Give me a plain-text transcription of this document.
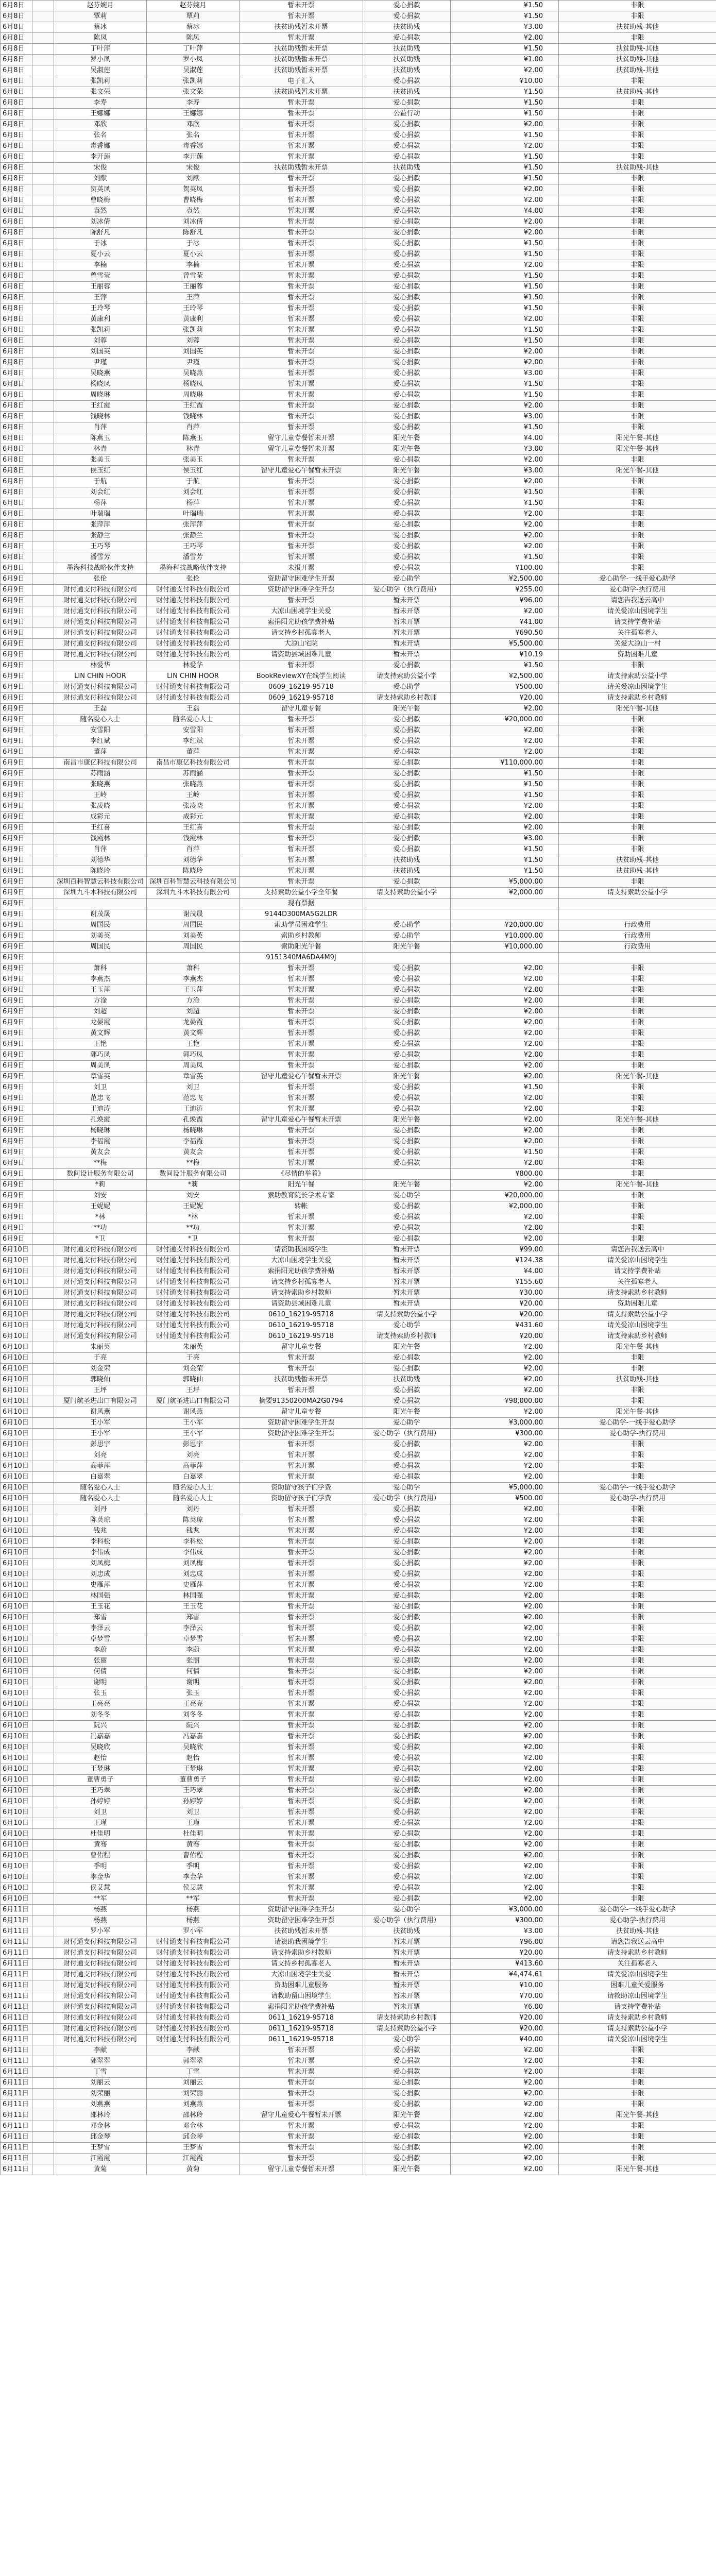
6月8日		赵芬婉月	赵芬婉月	暂未开票	爱心捐款	¥1.50	非限
6月8日		覃莉	覃莉	暂未开票	爱心捐款	¥1.50	非限
6月8日		蔡冰	蔡冰	扶贫助残暂未开票	扶贫助残	¥3.00	扶贫助残-其他
6月8日		陈凤	陈凤	暂未开票	爱心捐款	¥2.00	非限
6月8日		丁叶萍	丁叶萍	扶贫助残暂未开票	扶贫助残	¥1.50	扶贫助残-其他
6月8日		罗小凤	罗小凤	扶贫助残暂未开票	扶贫助残	¥1.00	扶贫助残-其他
6月8日		吴淑莲	吴淑莲	扶贫助残暂未开票	扶贫助残	¥2.00	扶贫助残-其他
6月8日		张凯莉	张凯莉	电子汇入	爱心捐款	¥10.00	非限
6月8日		张文荣	张文荣	扶贫助残暂未开票	扶贫助残	¥1.50	扶贫助残-其他
6月8日		李寿	李寿	暂未开票	爱心捐款	¥1.50	非限
6月8日		王娜娜	王娜娜	暂未开票	公益行动	¥1.50	非限
6月8日		邓欣	邓欣	暂未开票	爱心捐款	¥2.00	非限
6月8日		张名	张名	暂未开票	爱心捐款	¥1.50	非限
6月8日		毒香娜	毒香娜	暂未开票	爱心捐款	¥2.00	非限
6月8日		李开莲	李开莲	暂未开票	爱心捐款	¥1.50	非限
6月8日		宋俊	宋俊	扶贫助残暂未开票	扶贫助残	¥1.50	扶贫助残-其他
6月8日		刘献	刘献	暂未开票	爱心捐款	¥1.50	非限
6月8日		贺英凤	贺英凤	暂未开票	爱心捐款	¥2.00	非限
6月8日		曹晓梅	曹晓梅	暂未开票	爱心捐款	¥2.00	非限
6月8日		袁然	袁然	暂未开票	爱心捐款	¥4.00	非限
6月8日		刘冰倩	刘冰倩	暂未开票	爱心捐款	¥2.00	非限
6月8日		陈舒凡	陈舒凡	暂未开票	爱心捐款	¥2.00	非限
6月8日		于冰	于冰	暂未开票	爱心捐款	¥1.50	非限
6月8日		夏小云	夏小云	暂未开票	爱心捐款	¥1.50	非限
6月8日		李楠	李楠	暂未开票	爱心捐款	¥2.00	非限
6月8日		曾雪莹	曾雪莹	暂未开票	爱心捐款	¥1.50	非限
6月8日		王丽蓉	王丽蓉	暂未开票	爱心捐款	¥1.50	非限
6月8日		王萍	王萍	暂未开票	爱心捐款	¥1.50	非限
6月8日		王玲琴	王玲琴	暂未开票	爱心捐款	¥1.50	非限
6月8日		黄康利	黄康利	暂未开票	爱心捐款	¥2.00	非限
6月8日		张凯莉	张凯莉	暂未开票	爱心捐款	¥1.50	非限
6月8日		刘蓉	刘蓉	暂未开票	爱心捐款	¥1.50	非限
6月8日		刘国英	刘国英	暂未开票	爱心捐款	¥2.00	非限
6月8日		尹瑾	尹瑾	暂未开票	爱心捐款	¥2.00	非限
6月8日		吴晓燕	吴晓燕	暂未开票	爱心捐款	¥3.00	非限
6月8日		杨晓凤	杨晓凤	暂未开票	爱心捐款	¥1.50	非限
6月8日		周晓琳	周晓琳	暂未开票	爱心捐款	¥1.50	非限
6月8日		王红霞	王红霞	暂未开票	爱心捐款	¥2.00	非限
6月8日		钱晓林	钱晓林	暂未开票	爱心捐款	¥3.00	非限
6月8日		肖萍	肖萍	暂未开票	爱心捐款	¥1.50	非限
6月8日		陈燕玉	陈燕玉	留守儿童专餐暂未开票	阳光午餐	¥4.00	阳光午餐-其他
6月8日		林青	林青	留守儿童专餐暂未开票	阳光午餐	¥3.00	阳光午餐-其他
6月8日		张美玉	张美玉	暂未开票	爱心捐款	¥2.00	非限
6月8日		侯玉红	侯玉红	留守儿童爱心午餐暂未开票	阳光午餐	¥3.00	阳光午餐-其他
6月8日		于航	于航	暂未开票	爱心捐款	¥2.00	非限
6月8日		刘会红	刘会红	暂未开票	爱心捐款	¥1.50	非限
6月8日		杨萍	杨萍	暂未开票	爱心捐款	¥1.50	非限
6月8日		叶瑞瑞	叶瑞瑞	暂未开票	爱心捐款	¥2.00	非限
6月8日		张萍萍	张萍萍	暂未开票	爱心捐款	¥2.00	非限
6月8日		张静兰	张静兰	暂未开票	爱心捐款	¥2.00	非限
6月8日		王巧琴	王巧琴	暂未开票	爱心捐款	¥2.00	非限
6月8日		潘雪芳	潘雪芳	暂未开票	爱心捐款	¥1.50	非限
6月8日		墨海科技战略伙伴支持	墨海科技战略伙伴支持	未报开票	爱心捐款	¥100.00	非限
6月9日		张伦	张伦	资助留守困难学生开票	爱心助学	¥2,500.00	爱心助学-一线手爱心助学
6月9日		财付通支付科技有限公司	财付通支付科技有限公司	资助留守困难学生开票	爱心助学（执行费用）	¥255.00	爱心助学-执行费用
6月9日		财付通支付科技有限公司	财付通支付科技有限公司	暂未开票	暂未开票	¥96.00	请您告我送云高中
6月9日		财付通支付科技有限公司	财付通支付科技有限公司	大凉山困境学生关爱	暂未开票	¥2.00	请关爱凉山困境学生
6月9日		财付通支付科技有限公司	财付通支付科技有限公司	索捐阳光助孩学费补贴	暂未开票	¥41.00	请支持学费补贴
6月9日		财付通支付科技有限公司	财付通支付科技有限公司	请支持乡村孤寡老人	暂未开票	¥690.50	关注孤寡老人
6月9日		财付通支付科技有限公司	财付通支付科技有限公司	大凉山宅院	暂未开票	¥5,500.00	关爱大凉山一村
6月9日		财付通支付科技有限公司	财付通支付科技有限公司	请资助县域困难儿童	暂未开票	¥10.19	资助困难儿童
6月9日		林爱华	林爱华	暂未开票	爱心捐款	¥1.50	非限
6月9日		LIN CHIN HOOR	LIN CHIN HOOR	BookReviewXY在线学生阅读	请支持索助公益小学	¥2,500.00	请支持索助公益小学
6月9日		财付通支付科技有限公司	财付通支付科技有限公司	0609_16219-95718	爱心助学	¥500.00	请关爱凉山困境学生
6月9日		财付通支付科技有限公司	财付通支付科技有限公司	0609_16219-95718	请支持索助乡村教师	¥20.00	请支持索助乡村教师
6月9日		王磊	王磊	留守儿童专餐	阳光午餐	¥2.00	阳光午餐-其他
6月9日		随名爱心人士	随名爱心人士	暂未开票	爱心捐款	¥20,000.00	非限
6月9日		安雪阳	安雪阳	暂未开票	爱心捐款	¥2.00	非限
6月9日		李红斌	李红斌	暂未开票	爱心捐款	¥2.00	非限
6月9日		董萍	董萍	暂未开票	爱心捐款	¥2.00	非限
6月9日		南昌市康亿科技有限公司	南昌市康亿科技有限公司	暂未开票	爱心捐款	¥110,000.00	非限
6月9日		苏雨涵	苏雨涵	暂未开票	爱心捐款	¥1.50	非限
6月9日		张晓燕	张晓燕	暂未开票	爱心捐款	¥1.50	非限
6月9日		王岭	王岭	暂未开票	爱心捐款	¥1.50	非限
6月9日		张凌晓	张凌晓	暂未开票	爱心捐款	¥2.00	非限
6月9日		成彩元	成彩元	暂未开票	爱心捐款	¥2.00	非限
6月9日		王红喜	王红喜	暂未开票	爱心捐款	¥2.00	非限
6月9日		钱霞林	钱霞林	暂未开票	爱心捐款	¥3.00	非限
6月9日		肖萍	肖萍	暂未开票	爱心捐款	¥1.50	非限
6月9日		刘德华	刘德华	暂未开票	扶贫助残	¥1.50	扶贫助残-其他
6月9日		陈晓玲	陈晓玲	暂未开票	扶贫助残	¥1.50	扶贫助残-其他
6月9日		深圳百科智慧云科技有限公司	深圳百科智慧云科技有限公司	暂未开票	爱心捐款	¥5,000.00	非限
6月9日		深圳九斗木科技有限公司	深圳九斗木科技有限公司	支持索助公益小学全年餐	请支持索助公益小学	¥2,000.00	请支持索助公益小学
6月9日				现有票据			
6月9日		谢茂晟	谢茂晟	9144D300MA5G2LDR			
6月9日		周国民	周国民	索助学员困难学生	爱心助学	¥20,000.00	行政费用
6月9日		刘美英	刘美英	索助乡村教师	爱心助学	¥10,000.00	行政费用
6月9日		周国民	周国民	索助阳光午餐	阳光午餐	¥10,000.00	行政费用
6月9日				9151340MA6DA4M9J			
6月9日		萧科	萧科	暂未开票	爱心捐款	¥2.00	非限
6月9日		李燕杰	李燕杰	暂未开票	爱心捐款	¥2.00	非限
6月9日		王玉萍	王玉萍	暂未开票	爱心捐款	¥2.00	非限
6月9日		方淦	方淦	暂未开票	爱心捐款	¥2.00	非限
6月9日		刘超	刘超	暂未开票	爱心捐款	¥2.00	非限
6月9日		龙晏霞	龙晏霞	暂未开票	爱心捐款	¥2.00	非限
6月9日		黄文辉	黄文辉	暂未开票	爱心捐款	¥2.00	非限
6月9日		王艳	王艳	暂未开票	爱心捐款	¥2.00	非限
6月9日		郭巧凤	郭巧凤	暂未开票	爱心捐款	¥2.00	非限
6月9日		周美凤	周美凤	暂未开票	爱心捐款	¥2.00	非限
6月9日		章雪英	章雪英	留守儿童爱心午餐暂未开票	阳光午餐	¥2.00	阳光午餐-其他
6月9日		刘卫	刘卫	暂未开票	爱心捐款	¥1.50	非限
6月9日		范忠飞	范忠飞	暂未开票	爱心捐款	¥2.00	非限
6月9日		王迪涛	王迪涛	暂未开票	爱心捐款	¥2.00	非限
6月9日		孔焕霞	孔焕霞	留守儿童爱心午餐暂未开票	阳光午餐	¥2.00	阳光午餐-其他
6月9日		杨晓琳	杨晓琳	暂未开票	爱心捐款	¥2.00	非限
6月9日		李福霞	李福霞	暂未开票	爱心捐款	¥2.00	非限
6月9日		黄友会	黄友会	暂未开票	爱心捐款	¥1.50	非限
6月9日		**梅	**梅	暂未开票	爱心捐款	¥2.00	非限
6月9日		数间设计服务有限公司	数间设计服务有限公司	《尽情的举着》		¥800.00	非限
6月9日		*莉	*莉	阳光午餐	阳光午餐	¥2.00	阳光午餐-其他
6月9日		刘安	刘安	索助教育院长学术专家	爱心助学	¥20,000.00	非限
6月9日		王妮妮	王妮妮	转帐	爱心捐款	¥2,000.00	非限
6月9日		*林	*林	暂未开票	爱心捐款	¥2.00	非限
6月9日		**功	**功	暂未开票	爱心捐款	¥2.00	非限
6月9日		*卫	*卫	暂未开票	爱心捐款	¥2.00	非限
6月10日		财付通支付科技有限公司	财付通支付科技有限公司	请资助我困境学生	暂未开票	¥99.00	请您告我送云高中
6月10日		财付通支付科技有限公司	财付通支付科技有限公司	大凉山困境学生关爱	暂未开票	¥124.38	请关爱凉山困境学生
6月10日		财付通支付科技有限公司	财付通支付科技有限公司	索捐阳光助孩学费补贴	暂未开票	¥4.00	请支持学费补贴
6月10日		财付通支付科技有限公司	财付通支付科技有限公司	请支持乡村孤寡老人	暂未开票	¥155.60	关注孤寡老人
6月10日		财付通支付科技有限公司	财付通支付科技有限公司	请支持索助乡村教师	暂未开票	¥30.00	请支持索助乡村教师
6月10日		财付通支付科技有限公司	财付通支付科技有限公司	请资助县域困难儿童	暂未开票	¥20.00	资助困难儿童
6月10日		财付通支付科技有限公司	财付通支付科技有限公司	0610_16219-95718	请支持索助公益小学	¥20.00	请支持索助公益小学
6月10日		财付通支付科技有限公司	财付通支付科技有限公司	0610_16219-95718	爱心助学	¥431.60	请关爱凉山困境学生
6月10日		财付通支付科技有限公司	财付通支付科技有限公司	0610_16219-95718	请支持索助乡村教师	¥20.00	请支持索助乡村教师
6月10日		朱丽英	朱丽英	留守儿童专餐	阳光午餐	¥2.00	阳光午餐-其他
6月10日		于亮	于亮	暂未开票	爱心捐款	¥2.00	非限
6月10日		刘金荣	刘金荣	暂未开票	爱心捐款	¥2.00	非限
6月10日		郭晓仙	郭晓仙	扶贫助残暂未开票	扶贫助残	¥2.00	扶贫助残-其他
6月10日		王坪	王坪	暂未开票	爱心捐款	¥2.00	非限
6月10日		厦门航圣进出口有限公司	厦门航圣进出口有限公司	摘要91350200MA2G0794	爱心捐款	¥98,000.00	非限
6月10日		谢风燕	谢风燕	留守儿童专餐	阳光午餐	¥2.00	阳光午餐-其他
6月10日		王小军	王小军	资助留守困难学生开票	爱心助学	¥3,000.00	爱心助学-一线手爱心助学
6月10日		王小军	王小军	资助留守困难学生开票	爱心助学（执行费用）	¥300.00	爱心助学-执行费用
6月10日		彭思宇	彭思宇	暂未开票	爱心捐款	¥2.00	非限
6月10日		刘亮	刘亮	暂未开票	爱心捐款	¥2.00	非限
6月10日		高菲萍	高菲萍	暂未开票	爱心捐款	¥2.00	非限
6月10日		白嘉翠	白嘉翠	暂未开票	爱心捐款	¥2.00	非限
6月10日		随名爱心人士	随名爱心人士	资助留守孩子们学费	爱心助学	¥5,000.00	爱心助学-一线手爱心助学
6月10日		随名爱心人士	随名爱心人士	资助留守孩子们学费	爱心助学（执行费用）	¥500.00	爱心助学-执行费用
6月10日		刘丹	刘丹	暂未开票	爱心捐款	¥2.00	非限
6月10日		陈英琼	陈英琼	暂未开票	爱心捐款	¥2.00	非限
6月10日		钱兆	钱兆	暂未开票	爱心捐款	¥2.00	非限
6月10日		李科松	李科松	暂未开票	爱心捐款	¥2.00	非限
6月10日		李伟成	李伟成	暂未开票	爱心捐款	¥2.00	非限
6月10日		刘凤梅	刘凤梅	暂未开票	爱心捐款	¥2.00	非限
6月10日		刘忠成	刘忠成	暂未开票	爱心捐款	¥2.00	非限
6月10日		史雁萍	史雁萍	暂未开票	爱心捐款	¥2.00	非限
6月10日		林国强	林国强	暂未开票	爱心捐款	¥2.00	非限
6月10日		王玉花	王玉花	暂未开票	爱心捐款	¥2.00	非限
6月10日		郑雪	郑雪	暂未开票	爱心捐款	¥2.00	非限
6月10日		李泽云	李泽云	暂未开票	爱心捐款	¥2.00	非限
6月10日		卓梦雪	卓梦雪	暂未开票	爱心捐款	¥2.00	非限
6月10日		李蔚	李蔚	暂未开票	爱心捐款	¥2.00	非限
6月10日		张丽	张丽	暂未开票	爱心捐款	¥2.00	非限
6月10日		何倩	何倩	暂未开票	爱心捐款	¥2.00	非限
6月10日		谢明	谢明	暂未开票	爱心捐款	¥2.00	非限
6月10日		张玉	张玉	暂未开票	爱心捐款	¥2.00	非限
6月10日		王亮亮	王亮亮	暂未开票	爱心捐款	¥2.00	非限
6月10日		刘冬冬	刘冬冬	暂未开票	爱心捐款	¥2.00	非限
6月10日		阮兴	阮兴	暂未开票	爱心捐款	¥2.00	非限
6月10日		冯嘉嘉	冯嘉嘉	暂未开票	爱心捐款	¥2.00	非限
6月10日		吴晓欣	吴晓欣	暂未开票	爱心捐款	¥2.00	非限
6月10日		赵怡	赵怡	暂未开票	爱心捐款	¥2.00	非限
6月10日		王梦琳	王梦琳	暂未开票	爱心捐款	¥2.00	非限
6月10日		董曹勇子	董曹勇子	暂未开票	爱心捐款	¥2.00	非限
6月10日		王巧翠	王巧翠	暂未开票	爱心捐款	¥2.00	非限
6月10日		孙婷婷	孙婷婷	暂未开票	爱心捐款	¥2.00	非限
6月10日		刘卫	刘卫	暂未开票	爱心捐款	¥2.00	非限
6月10日		王瑾	王瑾	暂未开票	爱心捐款	¥2.00	非限
6月10日		杜佳明	杜佳明	暂未开票	爱心捐款	¥2.00	非限
6月10日		黄骞	黄骞	暂未开票	爱心捐款	¥2.00	非限
6月10日		曹佑程	曹佑程	暂未开票	爱心捐款	¥2.00	非限
6月10日		季明	季明	暂未开票	爱心捐款	¥2.00	非限
6月10日		李金华	李金华	暂未开票	爱心捐款	¥2.00	非限
6月10日		侯艾慧	侯艾慧	暂未开票	爱心捐款	¥2.00	非限
6月10日		**军	**军	暂未开票	爱心捐款	¥2.00	非限
6月11日		杨燕	杨燕	资助留守困难学生开票	爱心助学	¥3,000.00	爱心助学-一线手爱心助学
6月11日		杨燕	杨燕	资助留守困难学生开票	爱心助学（执行费用）	¥300.00	爱心助学-执行费用
6月11日		罗小军	罗小军	扶贫助残暂未开票	扶贫助残	¥3.00	扶贫助残-其他
6月11日		财付通支付科技有限公司	财付通支付科技有限公司	请资助我困境学生	暂未开票	¥96.00	请您告我送云高中
6月11日		财付通支付科技有限公司	财付通支付科技有限公司	请支持索助乡村教师	暂未开票	¥20.00	请支持索助乡村教师
6月11日		财付通支付科技有限公司	财付通支付科技有限公司	请支持乡村孤寡老人	暂未开票	¥413.60	关注孤寡老人
6月11日		财付通支付科技有限公司	财付通支付科技有限公司	大凉山困境学生关爱	暂未开票	¥4,474.61	请关爱凉山困境学生
6月11日		财付通支付科技有限公司	财付通支付科技有限公司	资助困难儿童服务	暂未开票	¥10.00	困难儿童关爱服务
6月11日		财付通支付科技有限公司	财付通支付科技有限公司	请救助留山困境学生	暂未开票	¥70.00	请救助凉山困境学生
6月11日		财付通支付科技有限公司	财付通支付科技有限公司	索捐阳光助孩学费补贴	暂未开票	¥6.00	请支持学费补贴
6月11日		财付通支付科技有限公司	财付通支付科技有限公司	0611_16219-95718	请支持索助乡村教师	¥20.00	请支持索助乡村教师
6月11日		财付通支付科技有限公司	财付通支付科技有限公司	0611_16219-95718	请支持索助公益小学	¥20.00	请支持索助公益小学
6月11日		财付通支付科技有限公司	财付通支付科技有限公司	0611_16219-95718	爱心助学	¥40.00	请关爱凉山困境学生
6月11日		李献	李献	暂未开票	爱心捐款	¥2.00	非限
6月11日		郭翠翠	郭翠翠	暂未开票	爱心捐款	¥2.00	非限
6月11日		丁雪	丁雪	暂未开票	爱心捐款	¥2.00	非限
6月11日		刘丽云	刘丽云	暂未开票	爱心捐款	¥2.00	非限
6月11日		刘荣丽	刘荣丽	暂未开票	爱心捐款	¥2.00	非限
6月11日		刘燕燕	刘燕燕	暂未开票	爱心捐款	¥2.00	非限
6月11日		邵林玲	邵林玲	留守儿童爱心午餐暂未开票	阳光午餐	¥2.00	阳光午餐-其他
6月11日		邓金林	邓金林	暂未开票	爱心捐款	¥2.00	非限
6月11日		邱金琴	邱金琴	暂未开票	爱心捐款	¥2.00	非限
6月11日		王梦雪	王梦雪	暂未开票	爱心捐款	¥2.00	非限
6月11日		江霞霞	江霞霞	暂未开票	爱心捐款	¥2.00	非限
6月11日		黄菊	黄菊	留守儿童专餐暂未开票	阳光午餐	¥2.00	阳光午餐-其他
